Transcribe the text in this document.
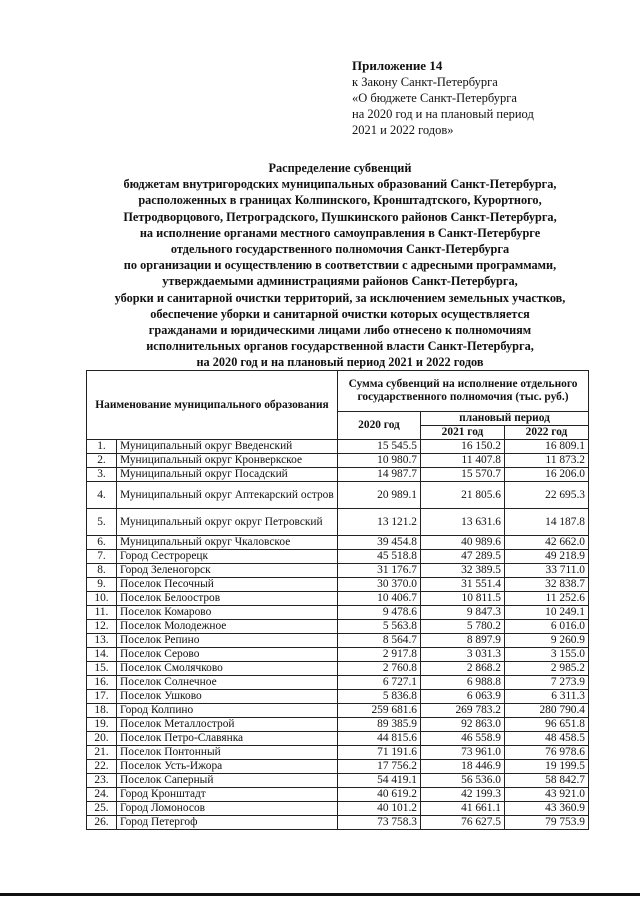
Приложение 14
к Закону Санкт-Петербурга
«О бюджете Санкт-Петербурга
на 2020 год и на плановый период
2021 и 2022 годов»
Распределение субвенций
бюджетам внутригородских муниципальных образований Санкт-Петербурга,
расположенных в границах Колпинского, Кронштадтского, Курортного,
Петродворцового, Петроградского, Пушкинского районов Санкт-Петербурга,
на исполнение органами местного самоуправления в Санкт-Петербурге
отдельного государственного полномочия Санкт-Петербурга
по организации и осуществлению в соответствии с адресными программами,
утверждаемыми администрациями районов Санкт-Петербурга,
уборки и санитарной очистки территорий, за исключением земельных участков,
обеспечение уборки и санитарной очистки которых осуществляется
гражданами и юридическими лицами либо отнесено к полномочиям
исполнительных органов государственной власти Санкт-Петербурга,
на 2020 год и на плановый период 2021 и 2022 годов
Наименование муниципального образования		Сумма субвенций на исполнение отдельного государственного полномочия (тыс. руб.)		
		2020 год	плановый период	
			2021 год	2022 год
1.	Муниципальный округ Введенский	15 545.5	16 150.2	16 809.1
2.	Муниципальный округ Кронверкское	10 980.7	11 407.8	11 873.2
3.	Муниципальный округ Посадский	14 987.7	15 570.7	16 206.0
4.	Муниципальный округ Аптекарский остров	20 989.1	21 805.6	22 695.3
5.	Муниципальный округ округ Петровский	13 121.2	13 631.6	14 187.8
6.	Муниципальный округ Чкаловское	39 454.8	40 989.6	42 662.0
7.	Город Сестрорецк	45 518.8	47 289.5	49 218.9
8.	Город Зеленогорск	31 176.7	32 389.5	33 711.0
9.	Поселок Песочный	30 370.0	31 551.4	32 838.7
10.	Поселок Белоостров	10 406.7	10 811.5	11 252.6
11.	Поселок Комарово	9 478.6	9 847.3	10 249.1
12.	Поселок Молодежное	5 563.8	5 780.2	6 016.0
13.	Поселок Репино	8 564.7	8 897.9	9 260.9
14.	Поселок Серово	2 917.8	3 031.3	3 155.0
15.	Поселок Смолячково	2 760.8	2 868.2	2 985.2
16.	Поселок Солнечное	6 727.1	6 988.8	7 273.9
17.	Поселок Ушково	5 836.8	6 063.9	6 311.3
18.	Город Колпино	259 681.6	269 783.2	280 790.4
19.	Поселок Металлострой	89 385.9	92 863.0	96 651.8
20.	Поселок Петро-Славянка	44 815.6	46 558.9	48 458.5
21.	Поселок Понтонный	71 191.6	73 961.0	76 978.6
22.	Поселок Усть-Ижора	17 756.2	18 446.9	19 199.5
23.	Поселок Саперный	54 419.1	56 536.0	58 842.7
24.	Город Кронштадт	40 619.2	42 199.3	43 921.0
25.	Город Ломоносов	40 101.2	41 661.1	43 360.9
26.	Город Петергоф	73 758.3	76 627.5	79 753.9
